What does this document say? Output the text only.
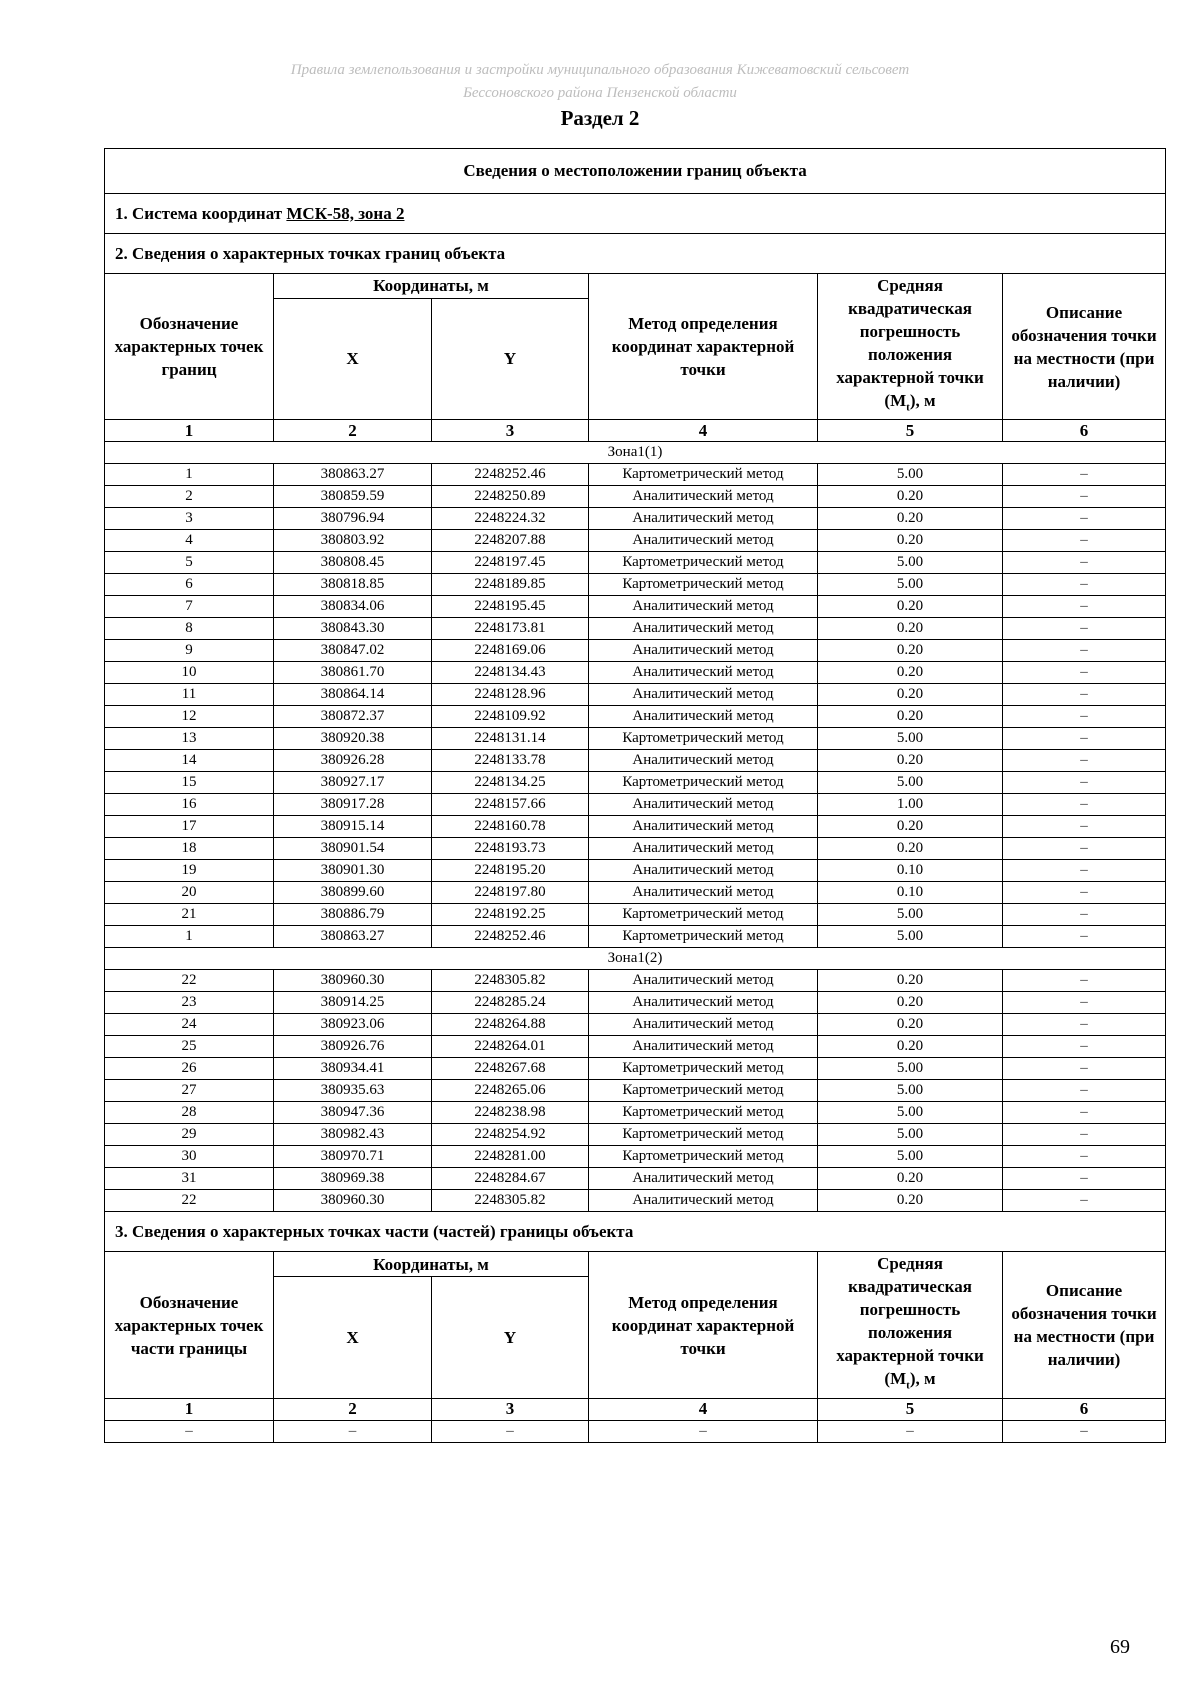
Правила землепользования и застройки муниципального образования Кижеватовский сельсовет
Бессоновского района Пензенской области
Раздел 2
Сведения о местоположении границ объекта					
1. Система координат МСК-58, зона 2					
2. Сведения о характерных точках границ объекта					
Обозначение характерных точек границ	Координаты, м		Метод определения координат характерной точки	Средняя квадратическая погрешность положения характерной точки $(M_t)$, м	Описание обозначения точки на местности (при наличии)
	X	Y			
1	2	3	4	5	6
Зона1(1)					
1	380863.27	2248252.46	Картометрический метод	5.00	–
2	380859.59	2248250.89	Аналитический метод	0.20	–
3	380796.94	2248224.32	Аналитический метод	0.20	–
4	380803.92	2248207.88	Аналитический метод	0.20	–
5	380808.45	2248197.45	Картометрический метод	5.00	–
6	380818.85	2248189.85	Картометрический метод	5.00	–
7	380834.06	2248195.45	Аналитический метод	0.20	–
8	380843.30	2248173.81	Аналитический метод	0.20	–
9	380847.02	2248169.06	Аналитический метод	0.20	–
10	380861.70	2248134.43	Аналитический метод	0.20	–
11	380864.14	2248128.96	Аналитический метод	0.20	–
12	380872.37	2248109.92	Аналитический метод	0.20	–
13	380920.38	2248131.14	Картометрический метод	5.00	–
14	380926.28	2248133.78	Аналитический метод	0.20	–
15	380927.17	2248134.25	Картометрический метод	5.00	–
16	380917.28	2248157.66	Аналитический метод	1.00	–
17	380915.14	2248160.78	Аналитический метод	0.20	–
18	380901.54	2248193.73	Аналитический метод	0.20	–
19	380901.30	2248195.20	Аналитический метод	0.10	–
20	380899.60	2248197.80	Аналитический метод	0.10	–
21	380886.79	2248192.25	Картометрический метод	5.00	–
1	380863.27	2248252.46	Картометрический метод	5.00	–
Зона1(2)					
22	380960.30	2248305.82	Аналитический метод	0.20	–
23	380914.25	2248285.24	Аналитический метод	0.20	–
24	380923.06	2248264.88	Аналитический метод	0.20	–
25	380926.76	2248264.01	Аналитический метод	0.20	–
26	380934.41	2248267.68	Картометрический метод	5.00	–
27	380935.63	2248265.06	Картометрический метод	5.00	–
28	380947.36	2248238.98	Картометрический метод	5.00	–
29	380982.43	2248254.92	Картометрический метод	5.00	–
30	380970.71	2248281.00	Картометрический метод	5.00	–
31	380969.38	2248284.67	Аналитический метод	0.20	–
22	380960.30	2248305.82	Аналитический метод	0.20	–
3. Сведения о характерных точках части (частей) границы объекта					
Обозначение характерных точек части границы	Координаты, м		Метод определения координат характерной точки	Средняя квадратическая погрешность положения характерной точки $(M_t)$, м	Описание обозначения точки на местности (при наличии)
	X	Y			
1	2	3	4	5	6
–	–	–	–	–	–
69
